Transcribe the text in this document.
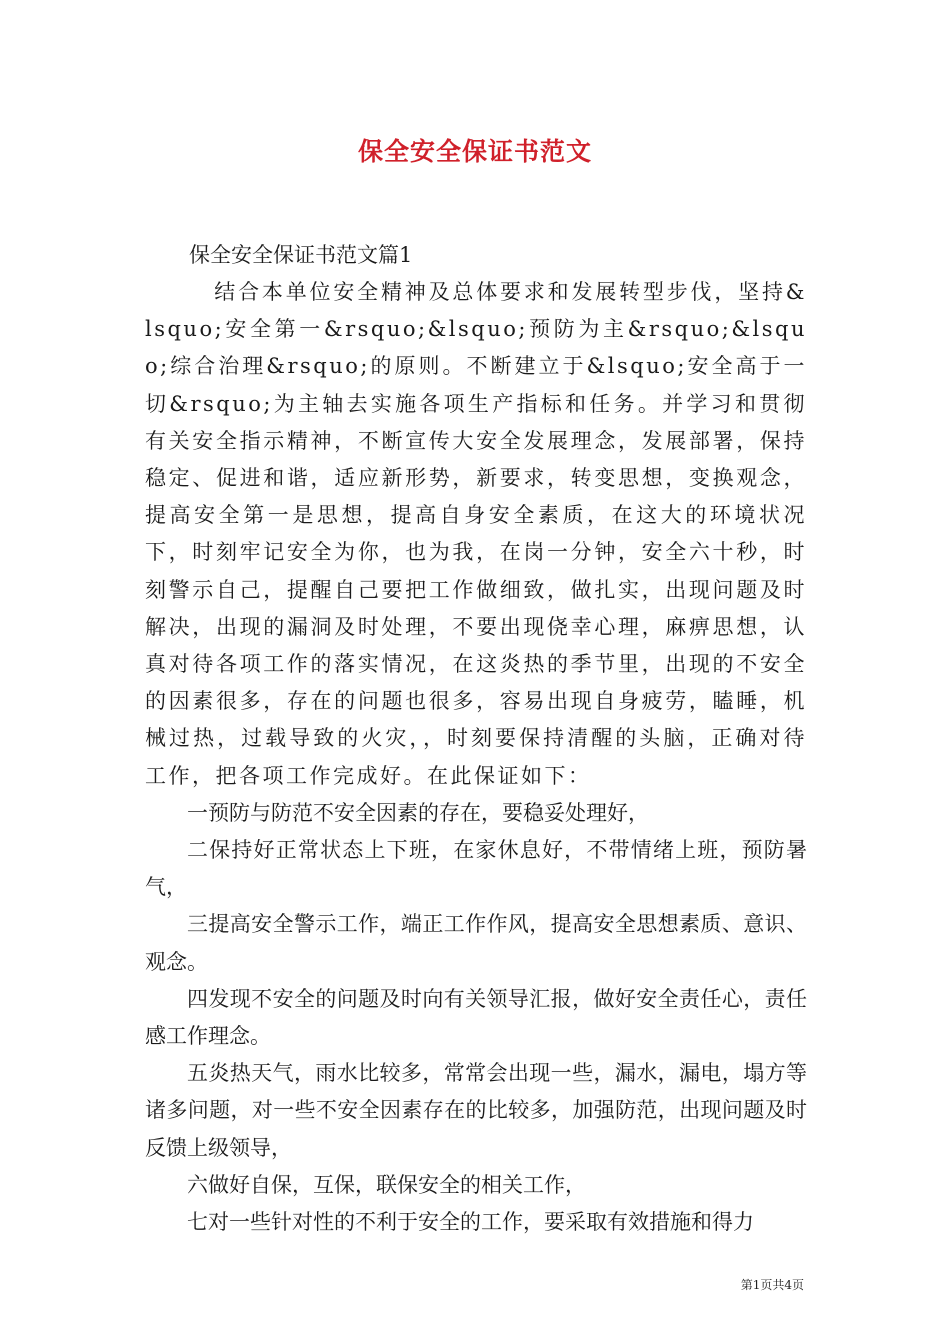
保全安全保证书范文
保全安全保证书范文篇1

结合本单位安全精神及总体要求和发展转型步伐，坚持&lsquo;安全第一&rsquo;&lsquo;预防为主&rsquo;&lsquo;综合治理&rsquo;的原则。不断建立于&lsquo;安全高于一切&rsquo;为主轴去实施各项生产指标和任务。并学习和贯彻有关安全指示精神，不断宣传大安全发展理念，发展部署，保持稳定、促进和谐，适应新形势，新要求，转变思想，变换观念，提高安全第一是思想，提高自身安全素质，在这大的环境状况下，时刻牢记安全为你，也为我，在岗一分钟，安全六十秒，时刻警示自己，提醒自己要把工作做细致，做扎实，出现问题及时解决，出现的漏洞及时处理，不要出现侥幸心理，麻痹思想，认真对待各项工作的落实情况，在这炎热的季节里，出现的不安全的因素很多，存在的问题也很多，容易出现自身疲劳，瞌睡，机械过热，过载导致的火灾，，时刻要保持清醒的头脑，正确对待工作，把各项工作完成好。在此保证如下：

一预防与防范不安全因素的存在，要稳妥处理好，

二保持好正常状态上下班，在家休息好，不带情绪上班，预防暑气，

三提高安全警示工作，端正工作作风，提高安全思想素质、意识、观念。

四发现不安全的问题及时向有关领导汇报，做好安全责任心，责任感工作理念。

五炎热天气，雨水比较多，常常会出现一些，漏水，漏电，塌方等诸多问题，对一些不安全因素存在的比较多，加强防范，出现问题及时反馈上级领导，

六做好自保，互保，联保安全的相关工作，

七对一些针对性的不利于安全的工作，要采取有效措施和得力

第1页共4页
